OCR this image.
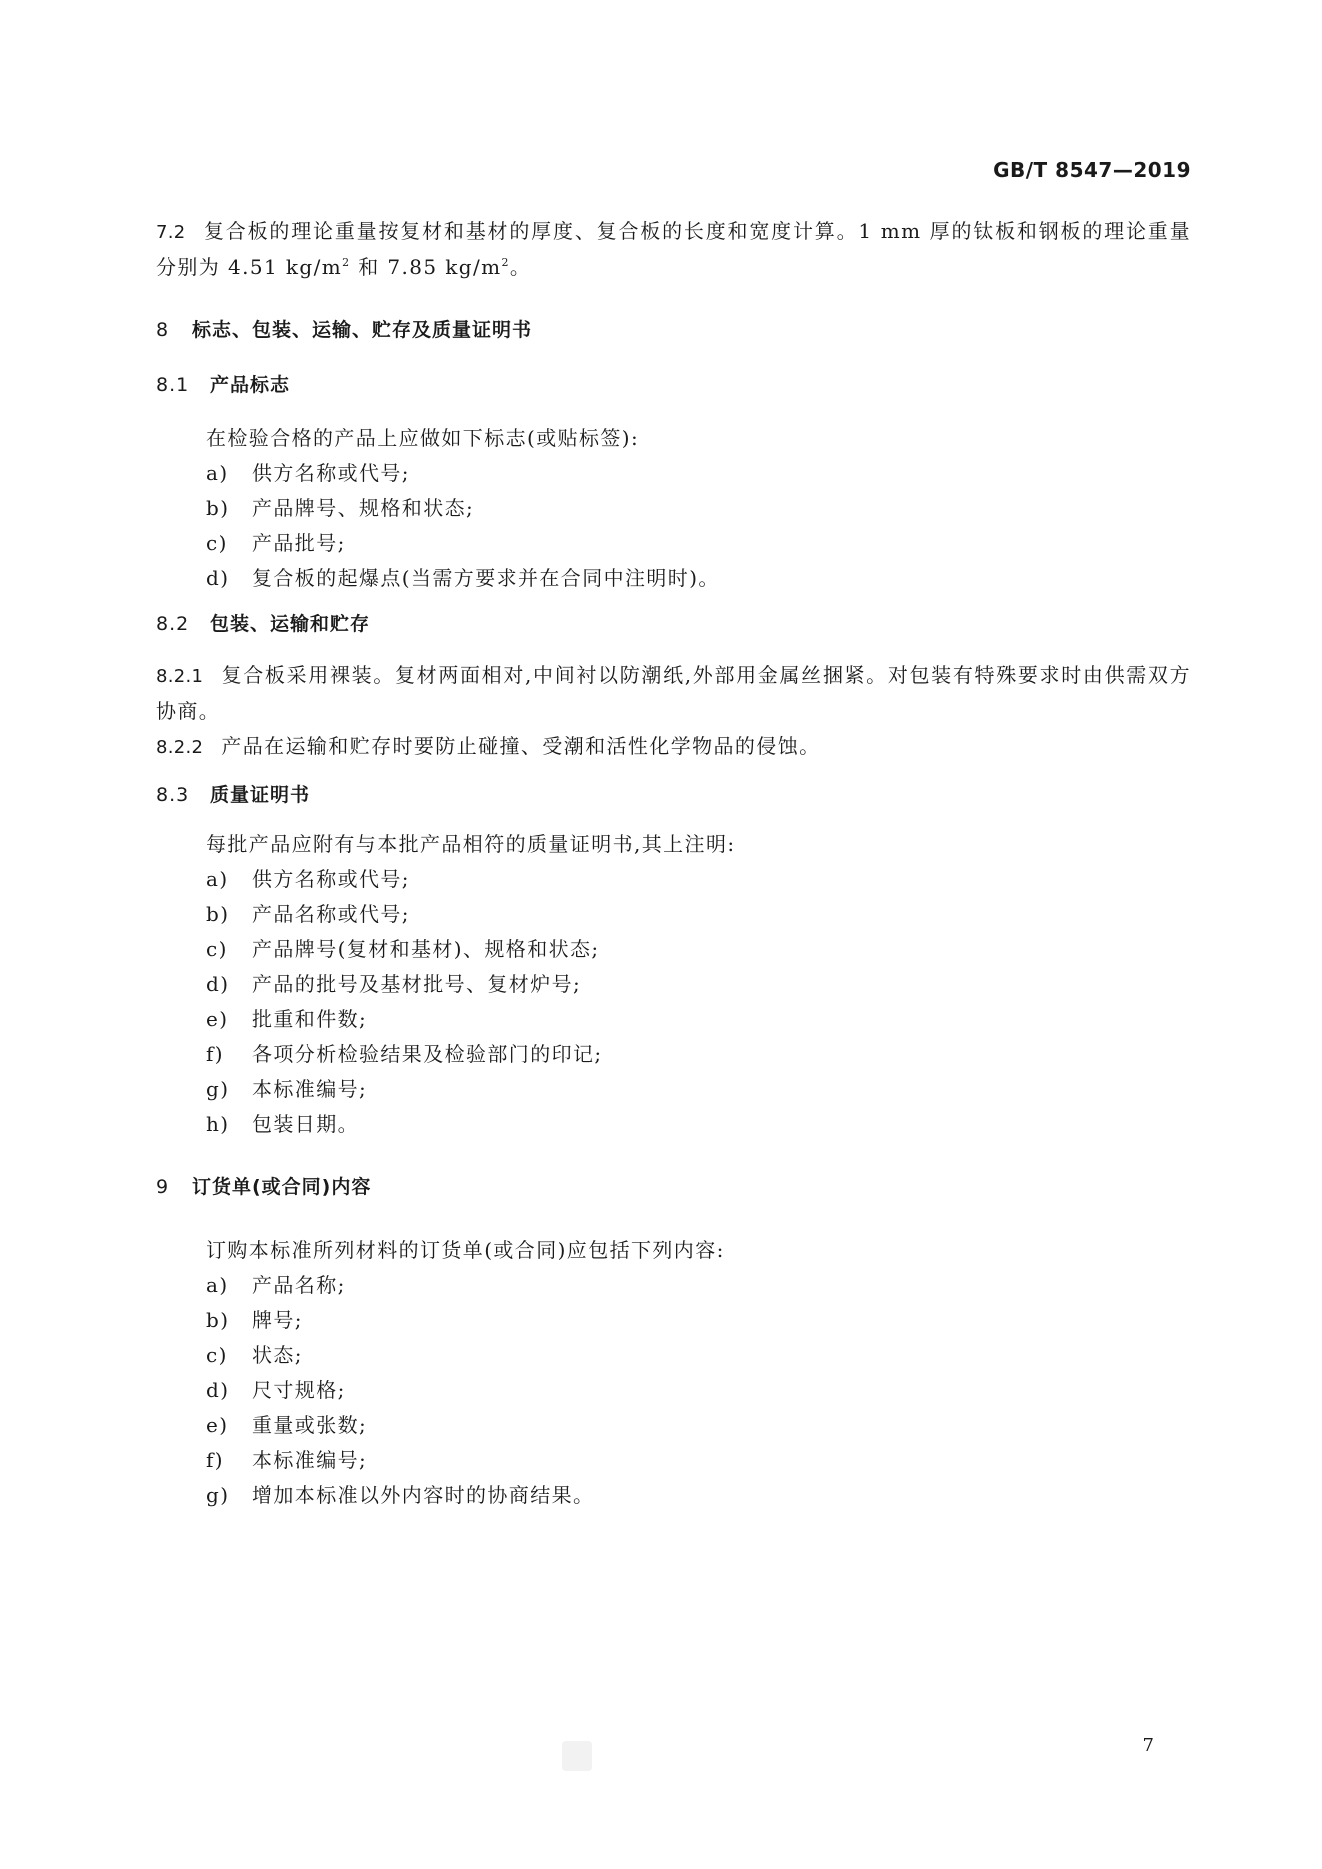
GB/T 8547—2019

7.2 复合板的理论重量按复材和基材的厚度、复合板的长度和宽度计算。1 mm 厚的钛板和钢板的理论重量分别为 4.51 $kg/m^2$ 和 7.85 $kg/m^2$。

8 标志、包装、运输、贮存及质量证明书
8.1 产品标志

在检验合格的产品上应做如下标志(或贴标签):

a) 供方名称或代号;

b) 产品牌号、规格和状态;

c) 产品批号;

d) 复合板的起爆点(当需方要求并在合同中注明时)。

8.2 包装、运输和贮存

8.2.1 复合板采用裸装。复材两面相对,中间衬以防潮纸,外部用金属丝捆紧。对包装有特殊要求时由供需双方协商。

8.2.2 产品在运输和贮存时要防止碰撞、受潮和活性化学物品的侵蚀。

8.3 质量证明书

每批产品应附有与本批产品相符的质量证明书,其上注明:

a) 供方名称或代号;

b) 产品名称或代号;

c) 产品牌号(复材和基材)、规格和状态;

d) 产品的批号及基材批号、复材炉号;

e) 批重和件数;

f) 各项分析检验结果及检验部门的印记;

g) 本标准编号;

h) 包装日期。

9 订货单(或合同)内容

订购本标准所列材料的订货单(或合同)应包括下列内容:

a) 产品名称;

b) 牌号;

c) 状态;

d) 尺寸规格;

e) 重量或张数;

f) 本标准编号;

g) 增加本标准以外内容时的协商结果。

7
